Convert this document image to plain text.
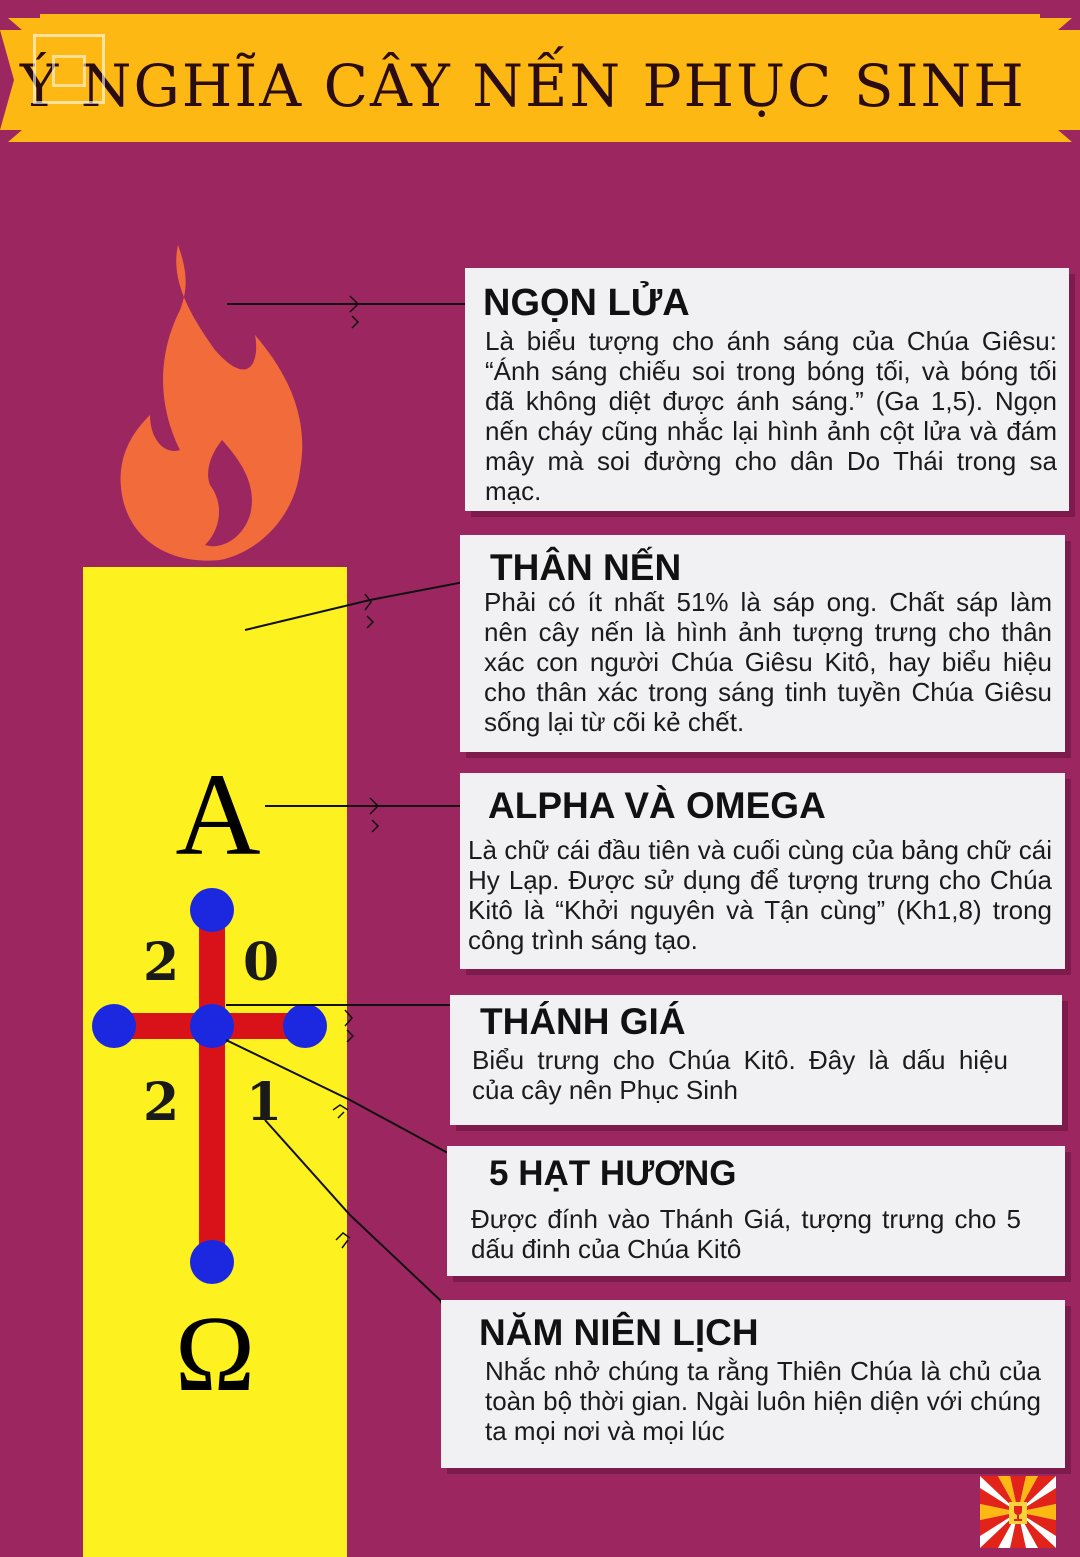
Ý NGHĨA CÂY NẾN PHỤC SINH
A
Ω
2 0
2 1
NGỌN LỬA
Là biểu tượng cho ánh sáng của Chúa Giêsu: “Ánh sáng chiếu soi trong bóng tối, và bóng tối đã không diệt được ánh sáng.” (Ga 1,5). Ngọn nến cháy cũng nhắc lại hình ảnh cột lửa và đám mây mà soi đường cho dân Do Thái trong sa mạc.
THÂN NẾN
Phải có ít nhất 51% là sáp ong. Chất sáp làm nên cây nến là hình ảnh tượng trưng cho thân xác con người Chúa Giêsu Kitô, hay biểu hiệu cho thân xác trong sáng tinh tuyền Chúa Giêsu sống lại từ cõi kẻ chết.
ALPHA VÀ OMEGA
Là chữ cái đầu tiên và cuối cùng của bảng chữ cái Hy Lạp. Được sử dụng để tượng trưng cho Chúa Kitô là “Khởi nguyên và Tận cùng” (Kh1,8) trong công trình sáng tạo.
THÁNH GIÁ
Biểu trưng cho Chúa Kitô. Đây là dấu hiệu của cây nên Phục Sinh
5 HẠT HƯƠNG
Được đính vào Thánh Giá, tượng trưng cho 5 dấu đinh của Chúa Kitô
NĂM NIÊN LỊCH
Nhắc nhở chúng ta rằng Thiên Chúa là chủ của toàn bộ thời gian. Ngài luôn hiện diện với chúng ta mọi nơi và mọi lúc
